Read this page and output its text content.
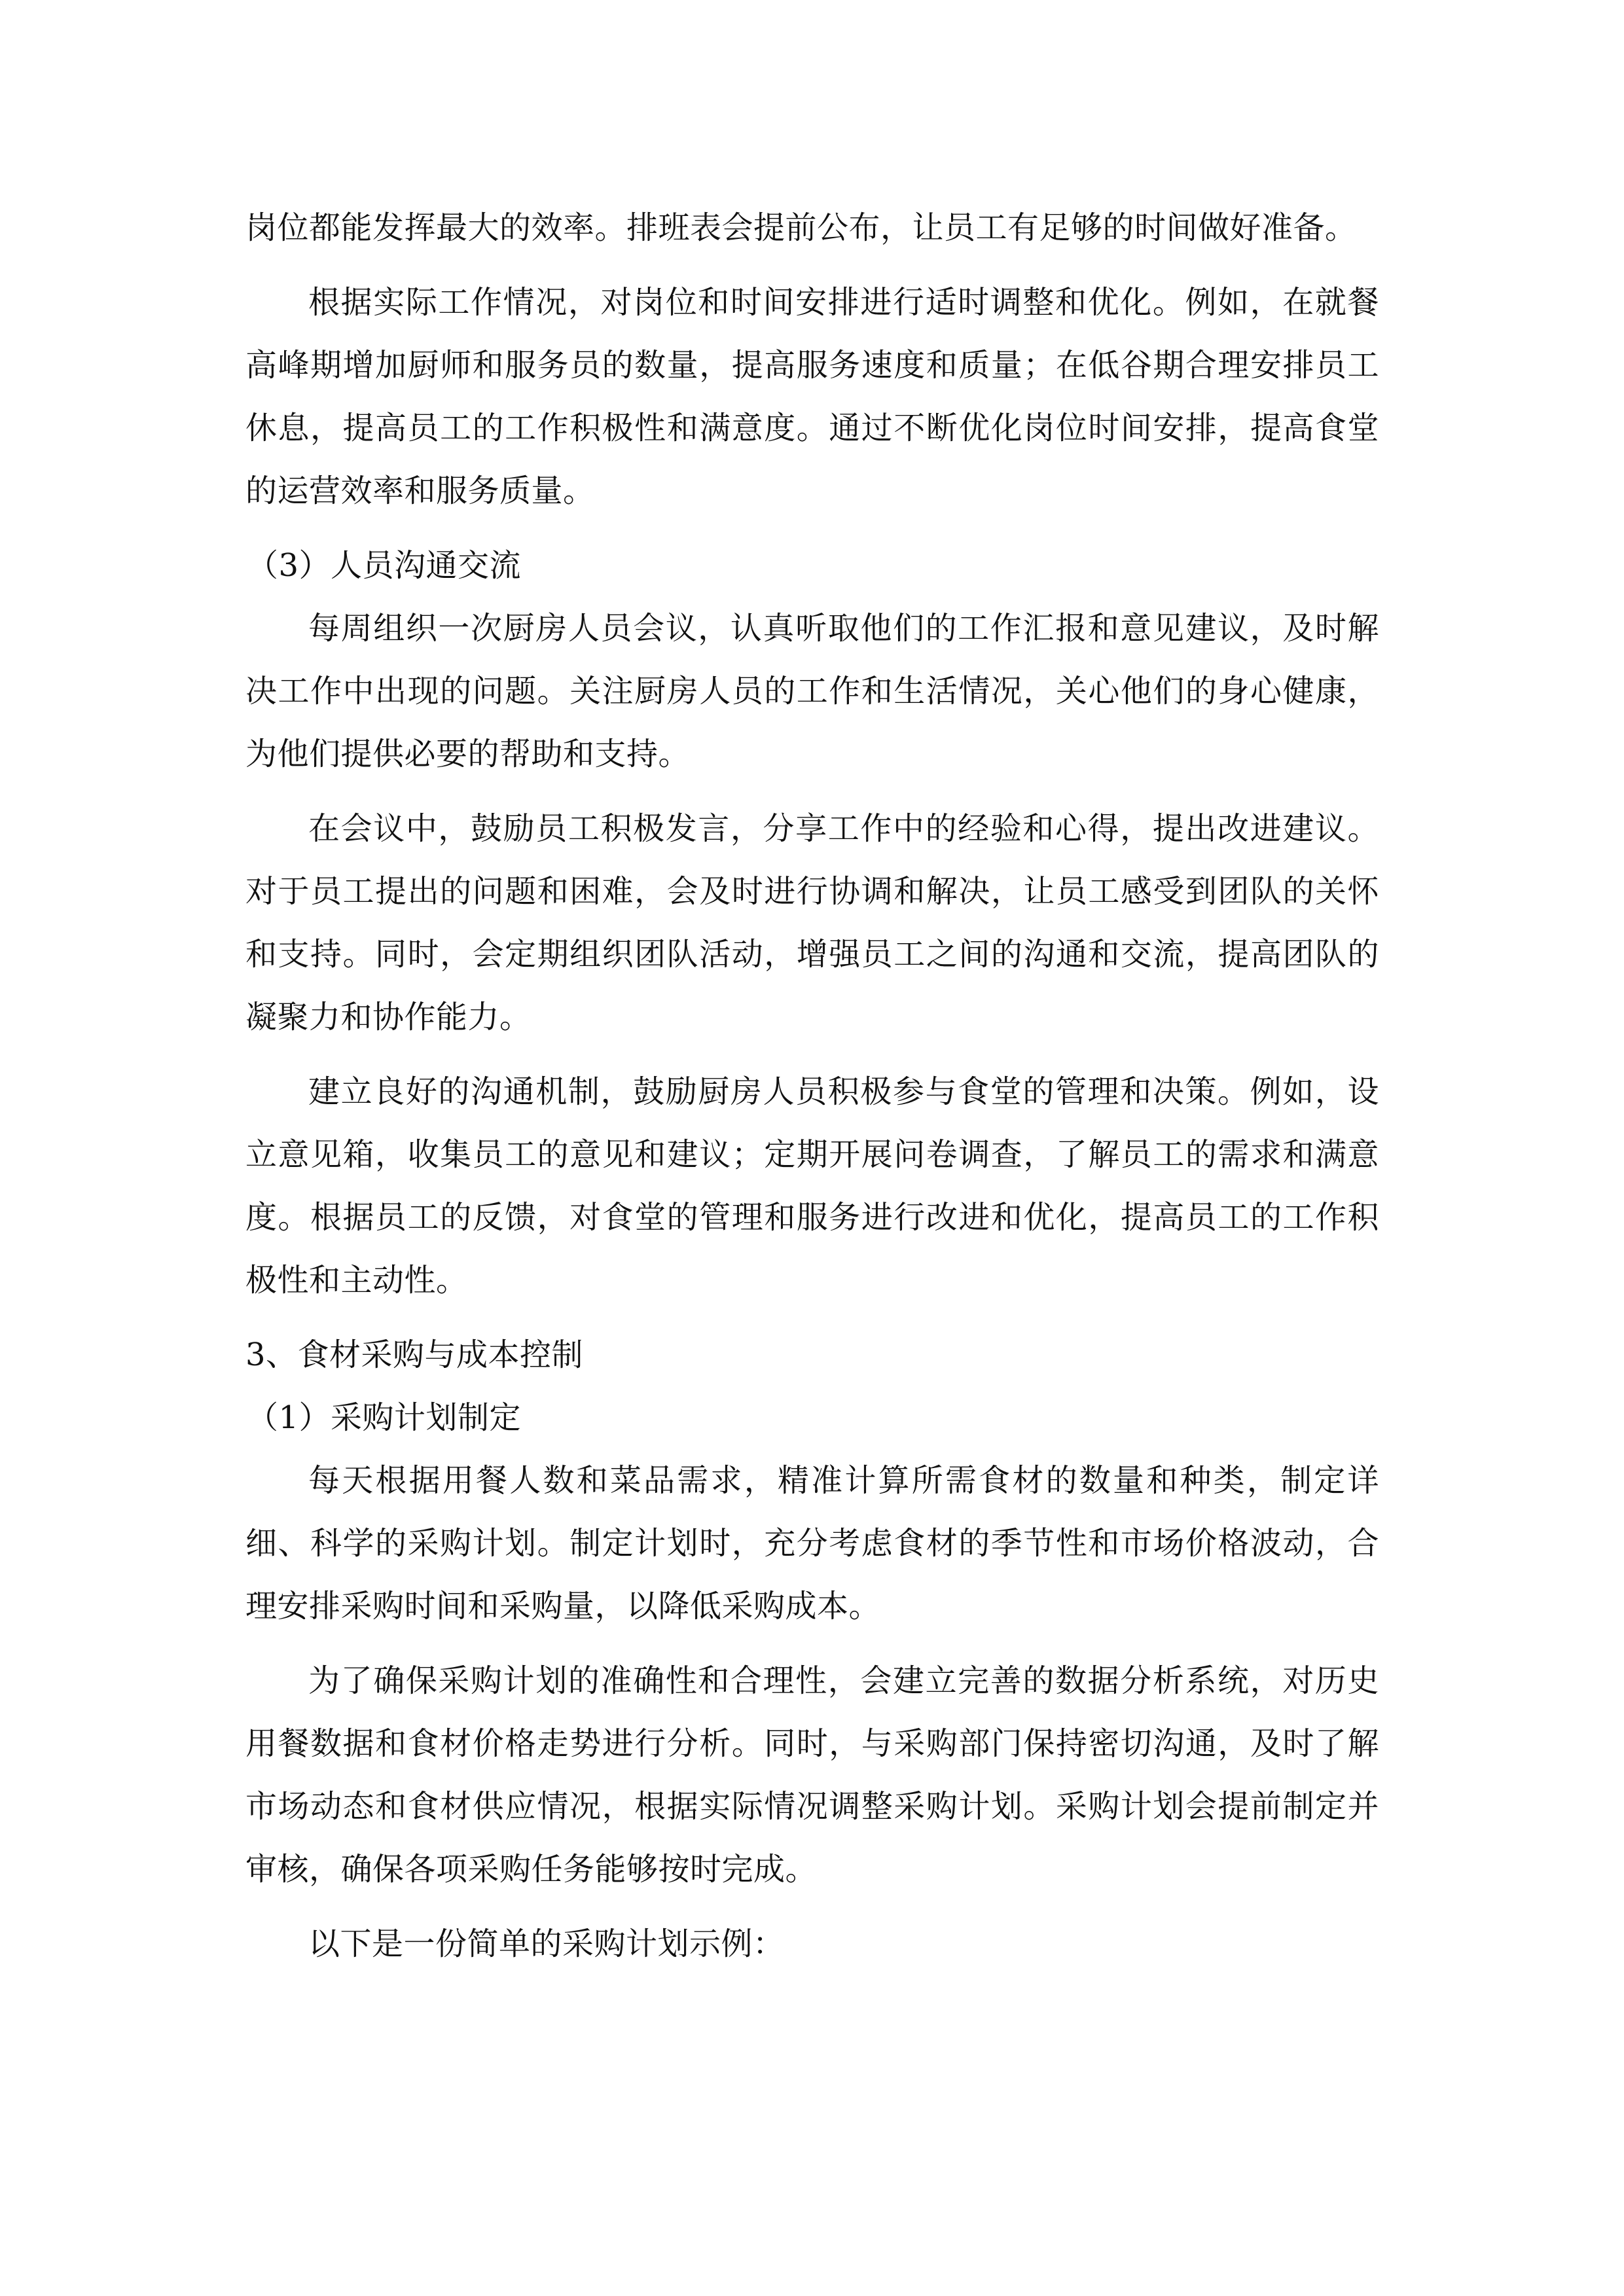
岗位都能发挥最大的效率。排班表会提前公布，让员工有足够的时间做好准备。

根据实际工作情况，对岗位和时间安排进行适时调整和优化。例如，在就餐高峰期增加厨师和服务员的数量，提高服务速度和质量；在低谷期合理安排员工休息，提高员工的工作积极性和满意度。通过不断优化岗位时间安排，提高食堂的运营效率和服务质量。

（3）人员沟通交流

每周组织一次厨房人员会议，认真听取他们的工作汇报和意见建议，及时解决工作中出现的问题。关注厨房人员的工作和生活情况，关心他们的身心健康，为他们提供必要的帮助和支持。

在会议中，鼓励员工积极发言，分享工作中的经验和心得，提出改进建议。对于员工提出的问题和困难，会及时进行协调和解决，让员工感受到团队的关怀和支持。同时，会定期组织团队活动，增强员工之间的沟通和交流，提高团队的凝聚力和协作能力。

建立良好的沟通机制，鼓励厨房人员积极参与食堂的管理和决策。例如，设立意见箱，收集员工的意见和建议；定期开展问卷调查，了解员工的需求和满意度。根据员工的反馈，对食堂的管理和服务进行改进和优化，提高员工的工作积极性和主动性。

3、食材采购与成本控制

（1）采购计划制定

每天根据用餐人数和菜品需求，精准计算所需食材的数量和种类，制定详细、科学的采购计划。制定计划时，充分考虑食材的季节性和市场价格波动，合理安排采购时间和采购量，以降低采购成本。

为了确保采购计划的准确性和合理性，会建立完善的数据分析系统，对历史用餐数据和食材价格走势进行分析。同时，与采购部门保持密切沟通，及时了解市场动态和食材供应情况，根据实际情况调整采购计划。采购计划会提前制定并审核，确保各项采购任务能够按时完成。

以下是一份简单的采购计划示例：
